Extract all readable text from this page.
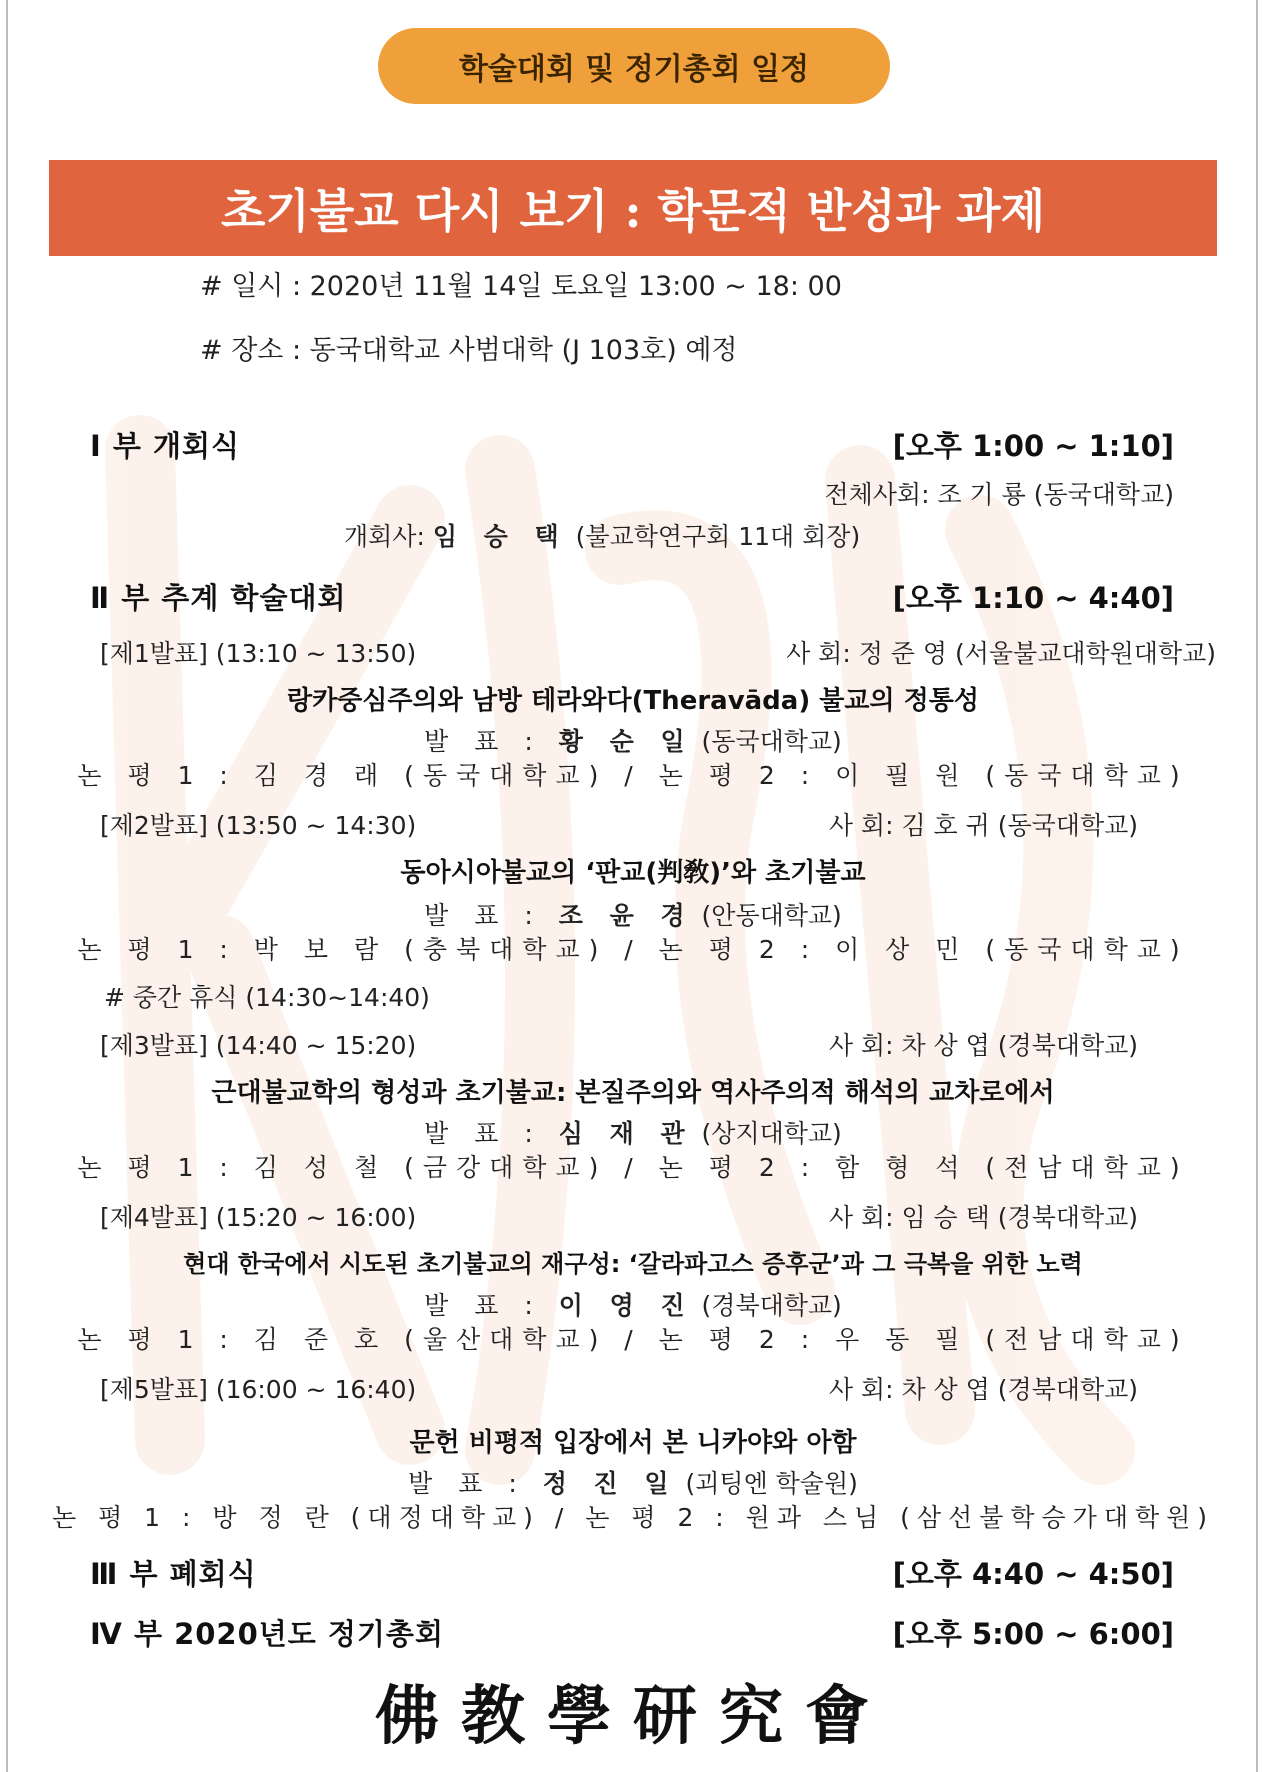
학술대회 및 정기총회 일정
초기불교 다시 보기 : 학문적 반성과 과제
# 일시 : 2020년 11월 14일 토요일 13:00 ~ 18: 00
# 장소 : 동국대학교 사범대학 (J 103호) 예정
Ⅰ 부 개회식	[오후 1:00 ~ 1:10]
전체사회: 조 기 룡 (동국대학교)
개회사: 임 승 택 (불교학연구회 11대 회장)
Ⅱ 부 추계 학술대회	[오후 1:10 ~ 4:40]
[제1발표] (13:10 ~ 13:50)	사 회: 정 준 영 (서울불교대학원대학교)
랑카중심주의와 남방 테라와다(Theravāda) 불교의 정통성
발 표 : 황 순 일 (동국대학교)
논 평 1 : 김 경 래 (동국대학교) / 논 평 2 : 이 필 원 (동국대학교)
[제2발표] (13:50 ~ 14:30)	사 회: 김 호 귀 (동국대학교)
동아시아불교의 ‘판교(判敎)’와 초기불교
발 표 : 조 윤 경 (안동대학교)
논 평 1 : 박 보 람 (충북대학교) / 논 평 2 : 이 상 민 (동국대학교)
# 중간 휴식 (14:30~14:40)
[제3발표] (14:40 ~ 15:20)	사 회: 차 상 엽 (경북대학교)
근대불교학의 형성과 초기불교: 본질주의와 역사주의적 해석의 교차로에서
발 표 : 심 재 관 (상지대학교)
논 평 1 : 김 성 철 (금강대학교) / 논 평 2 : 함 형 석 (전남대학교)
[제4발표] (15:20 ~ 16:00)	사 회: 임 승 택 (경북대학교)
현대 한국에서 시도된 초기불교의 재구성: ‘갈라파고스 증후군’과 그 극복을 위한 노력
발 표 : 이 영 진 (경북대학교)
논 평 1 : 김 준 호 (울산대학교) / 논 평 2 : 우 동 필 (전남대학교)
[제5발표] (16:00 ~ 16:40)	사 회: 차 상 엽 (경북대학교)
문헌 비평적 입장에서 본 니카야와 아함
발 표 : 정 진 일 (괴팅엔 학술원)
논 평 1 : 방 정 란 (대정대학교) / 논 평 2 : 원과 스님 (삼선불학승가대학원)
Ⅲ 부 폐회식	[오후 4:40 ~ 4:50]
Ⅳ 부 2020년도 정기총회	[오후 5:00 ~ 6:00]
佛教學研究會
